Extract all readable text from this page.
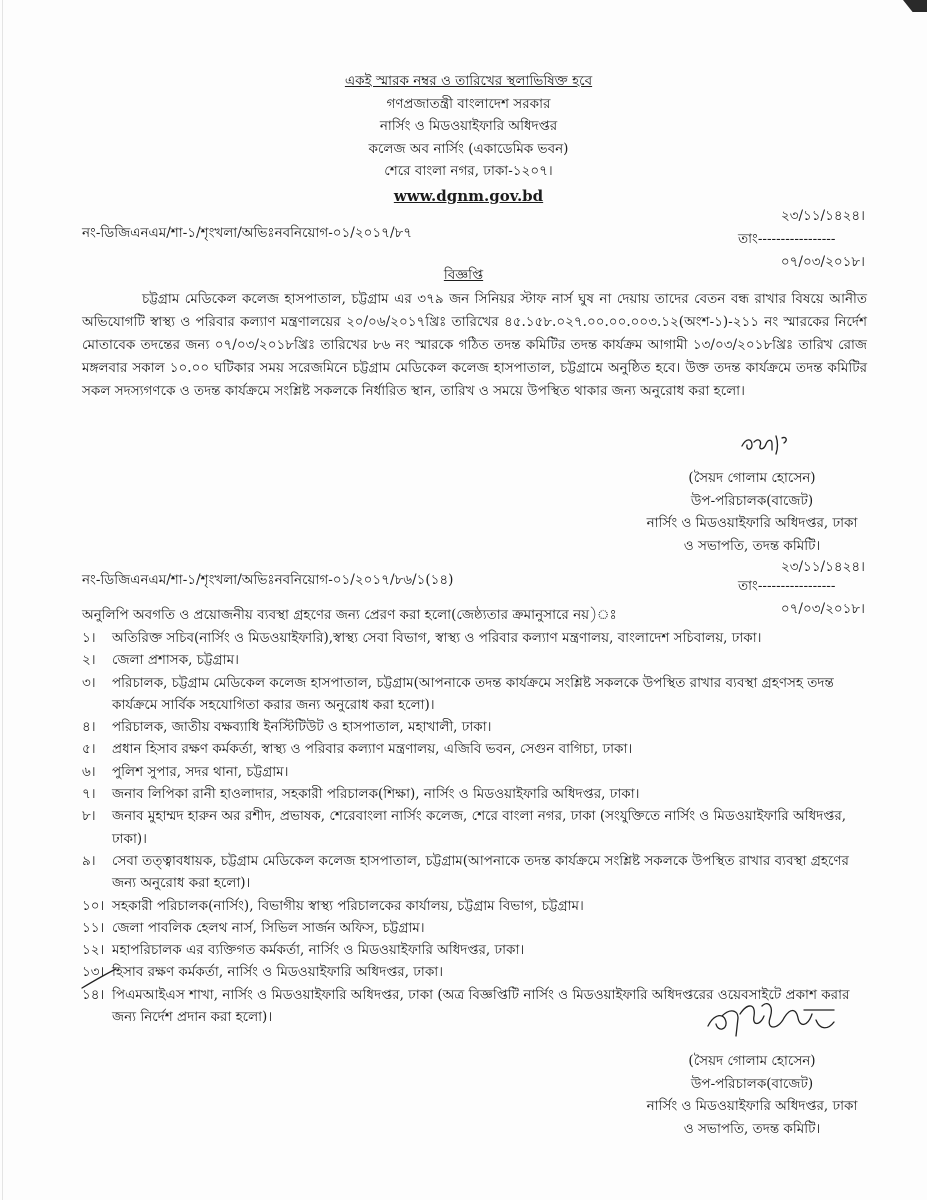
একই স্মারক নম্বর ও তারিখের স্থলাভিষিক্ত হবে
গণপ্রজাতন্ত্রী বাংলাদেশ সরকার
নার্সিং ও মিডওয়াইফারি অধিদপ্তর
কলেজ অব নার্সিং (একাডেমিক ভবন)
শেরে বাংলা নগর, ঢাকা-১২০৭।
www.dgnm.gov.bd
২৩/১১/১৪২৪।
নং-ডিজিএনএম/শা-১/শৃংখলা/অভিঃনবনিয়োগ-০১/২০১৭/৮৭	তাং-----------------
০৭/০৩/২০১৮।
বিজ্ঞপ্তি
চট্টগ্রাম মেডিকেল কলেজ হাসপাতাল, চট্টগ্রাম এর ৩৭৯ জন সিনিয়র স্টাফ নার্স ঘুষ না দেয়ায় তাদের বেতন বন্ধ রাখার বিষয়ে আনীত অভিযোগটি স্বাস্থ্য ও পরিবার কল্যাণ মন্ত্রণালয়ের ২০/০৬/২০১৭খ্রিঃ তারিখের ৪৫.১৫৮.০২৭.০০.০০.০০৩.১২(অংশ-১)-২১১ নং স্মারকের নির্দেশ মোতাবেক তদন্তের জন্য ০৭/০৩/২০১৮খ্রিঃ তারিখের ৮৬ নং স্মারকে গঠিত তদন্ত কমিটির তদন্ত কার্যক্রম আগামী ১৩/০৩/২০১৮খ্রিঃ তারিখ রোজ মঙ্গলবার সকাল ১০.০০ ঘটিকার সময় সরেজমিনে চট্টগ্রাম মেডিকেল কলেজ হাসপাতাল, চট্টগ্রামে অনুষ্ঠিত হবে। উক্ত তদন্ত কার্যক্রমে তদন্ত কমিটির সকল সদস্যগণকে ও তদন্ত কার্যক্রমে সংশ্লিষ্ট সকলকে নির্ধারিত স্থান, তারিখ ও সময়ে উপস্থিত থাকার জন্য অনুরোধ করা হলো।
(সৈয়দ গোলাম হোসেন)
উপ-পরিচালক(বাজেট)
নার্সিং ও মিডওয়াইফারি অধিদপ্তর, ঢাকা
ও সভাপতি, তদন্ত কমিটি।
২৩/১১/১৪২৪।
নং-ডিজিএনএম/শা-১/শৃংখলা/অভিঃনবনিয়োগ-০১/২০১৭/৮৬/১(১৪)	তাং-----------------
০৭/০৩/২০১৮।
অনুলিপি অবগতি ও প্রয়োজনীয় ব্যবস্থা গ্রহণের জন্য প্রেরণ করা হলো(জেষ্ঠ্যতার ক্রমানুসারে নয়)ঃ
১।	অতিরিক্ত সচিব(নার্সিং ও মিডওয়াইফারি),স্বাস্থ্য সেবা বিভাগ, স্বাস্থ্য ও পরিবার কল্যাণ মন্ত্রণালয়, বাংলাদেশ সচিবালয়, ঢাকা।
২।	জেলা প্রশাসক, চট্টগ্রাম।
৩।	পরিচালক, চট্টগ্রাম মেডিকেল কলেজ হাসপাতাল, চট্টগ্রাম(আপনাকে তদন্ত কার্যক্রমে সংশ্লিষ্ট সকলকে উপস্থিত রাখার ব্যবস্থা গ্রহণসহ তদন্ত কার্যক্রমে সার্বিক সহযোগিতা করার জন্য অনুরোধ করা হলো)।
৪।	পরিচালক, জাতীয় বক্ষব্যাধি ইনস্টিটিউট ও হাসপাতাল, মহাখালী, ঢাকা।
৫।	প্রধান হিসাব রক্ষণ কর্মকর্তা, স্বাস্থ্য ও পরিবার কল্যাণ মন্ত্রণালয়, এজিবি ভবন, সেগুন বাগিচা, ঢাকা।
৬।	পুলিশ সুপার, সদর থানা, চট্টগ্রাম।
৭।	জনাব লিপিকা রানী হাওলাদার, সহকারী পরিচালক(শিক্ষা), নার্সিং ও মিডওয়াইফারি অধিদপ্তর, ঢাকা।
৮।	জনাব মুহাম্মদ হারুন অর রশীদ, প্রভাষক, শেরেবাংলা নার্সিং কলেজ, শেরে বাংলা নগর, ঢাকা (সংযুক্তিতে নার্সিং ও মিডওয়াইফারি অধিদপ্তর, ঢাকা)।
৯।	সেবা তত্ত্বাবধায়ক, চট্টগ্রাম মেডিকেল কলেজ হাসপাতাল, চট্টগ্রাম(আপনাকে তদন্ত কার্যক্রমে সংশ্লিষ্ট সকলকে উপস্থিত রাখার ব্যবস্থা গ্রহণের জন্য অনুরোধ করা হলো)।
১০। সহকারী পরিচালক(নার্সিং), বিভাগীয় স্বাস্থ্য পরিচালকের কার্যালয়, চট্টগ্রাম বিভাগ, চট্টগ্রাম।
১১। জেলা পাবলিক হেলথ নার্স, সিভিল সার্জন অফিস, চট্টগ্রাম।
১২। মহাপরিচালক এর ব্যক্তিগত কর্মকর্তা, নার্সিং ও মিডওয়াইফারি অধিদপ্তর, ঢাকা।
১৩। হিসাব রক্ষণ কর্মকর্তা, নার্সিং ও মিডওয়াইফারি অধিদপ্তর, ঢাকা।
১৪। পিএমআইএস শাখা, নার্সিং ও মিডওয়াইফারি অধিদপ্তর, ঢাকা (অত্র বিজ্ঞপ্তিটি নার্সিং ও মিডওয়াইফারি অধিদপ্তরের ওয়েবসাইটে প্রকাশ করার জন্য নির্দেশ প্রদান করা হলো)।
(সৈয়দ গোলাম হোসেন)
উপ-পরিচালক(বাজেট)
নার্সিং ও মিডওয়াইফারি অধিদপ্তর, ঢাকা
ও সভাপতি, তদন্ত কমিটি।
